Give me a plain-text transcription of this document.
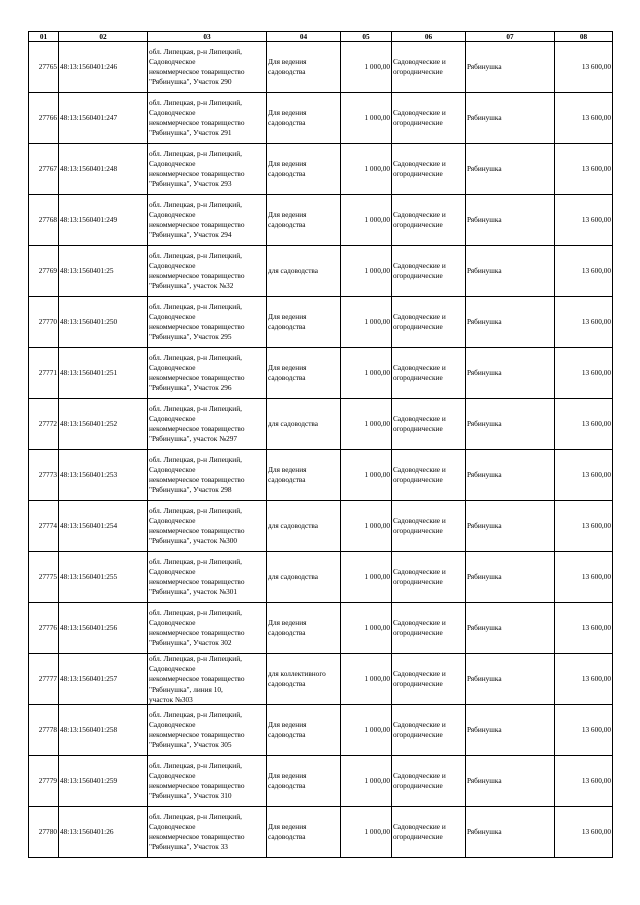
01	02	03	04	05	06	07	08
27765	48:13:1560401:246	обл. Липецкая, р-н Липецкий,
Садоводческое
некоммерческое товарищество
"Рябинушка", Участок 290	Для ведения садоводства	1 000,00	Садоводческие и огороднические	Рябинушка	13 600,00
27766	48:13:1560401:247	обл. Липецкая, р-н Липецкий,
Садоводческое
некоммерческое товарищество
"Рябинушка", Участок 291	Для ведения садоводства	1 000,00	Садоводческие и огороднические	Рябинушка	13 600,00
27767	48:13:1560401:248	обл. Липецкая, р-н Липецкий,
Садоводческое
некоммерческое товарищество
"Рябинушка", Участок 293	Для ведения садоводства	1 000,00	Садоводческие и огороднические	Рябинушка	13 600,00
27768	48:13:1560401:249	обл. Липецкая, р-н Липецкий,
Садоводческое
некоммерческое товарищество
"Рябинушка", Участок 294	Для ведения садоводства	1 000,00	Садоводческие и огороднические	Рябинушка	13 600,00
27769	48:13:1560401:25	обл. Липецкая, р-н Липецкий,
Садоводческое
некоммерческое товарищество
"Рябинушка", участок №32	для садоводства	1 000,00	Садоводческие и огороднические	Рябинушка	13 600,00
27770	48:13:1560401:250	обл. Липецкая, р-н Липецкий,
Садоводческое
некоммерческое товарищество
"Рябинушка", Участок 295	Для ведения садоводства	1 000,00	Садоводческие и огороднические	Рябинушка	13 600,00
27771	48:13:1560401:251	обл. Липецкая, р-н Липецкий,
Садоводческое
некоммерческое товарищество
"Рябинушка", Участок 296	Для ведения садоводства	1 000,00	Садоводческие и огороднические	Рябинушка	13 600,00
27772	48:13:1560401:252	обл. Липецкая, р-н Липецкий,
Садоводческое
некоммерческое товарищество
"Рябинушка", участок №297	для садоводства	1 000,00	Садоводческие и огороднические	Рябинушка	13 600,00
27773	48:13:1560401:253	обл. Липецкая, р-н Липецкий,
Садоводческое
некоммерческое товарищество
"Рябинушка", Участок 298	Для ведения садоводства	1 000,00	Садоводческие и огороднические	Рябинушка	13 600,00
27774	48:13:1560401:254	обл. Липецкая, р-н Липецкий,
Садоводческое
некоммерческое товарищество
"Рябинушка", участок №300	для садоводства	1 000,00	Садоводческие и огороднические	Рябинушка	13 600,00
27775	48:13:1560401:255	обл. Липецкая, р-н Липецкий,
Садоводческое
некоммерческое товарищество
"Рябинушка", участок №301	для садоводства	1 000,00	Садоводческие и огороднические	Рябинушка	13 600,00
27776	48:13:1560401:256	обл. Липецкая, р-н Липецкий,
Садоводческое
некоммерческое товарищество
"Рябинушка", Участок 302	Для ведения садоводства	1 000,00	Садоводческие и огороднические	Рябинушка	13 600,00
27777	48:13:1560401:257	обл. Липецкая, р-н Липецкий,
Садоводческое
некоммерческое товарищество
"Рябинушка", линия 10,
участок №303	для коллективного садоводства	1 000,00	Садоводческие и огороднические	Рябинушка	13 600,00
27778	48:13:1560401:258	обл. Липецкая, р-н Липецкий,
Садоводческое
некоммерческое товарищество
"Рябинушка", Участок 305	Для ведения садоводства	1 000,00	Садоводческие и огороднические	Рябинушка	13 600,00
27779	48:13:1560401:259	обл. Липецкая, р-н Липецкий,
Садоводческое
некоммерческое товарищество
"Рябинушка", Участок 310	Для ведения садоводства	1 000,00	Садоводческие и огороднические	Рябинушка	13 600,00
27780	48:13:1560401:26	обл. Липецкая, р-н Липецкий,
Садоводческое
некоммерческое товарищество
"Рябинушка", Участок 33	Для ведения садоводства	1 000,00	Садоводческие и огороднические	Рябинушка	13 600,00
